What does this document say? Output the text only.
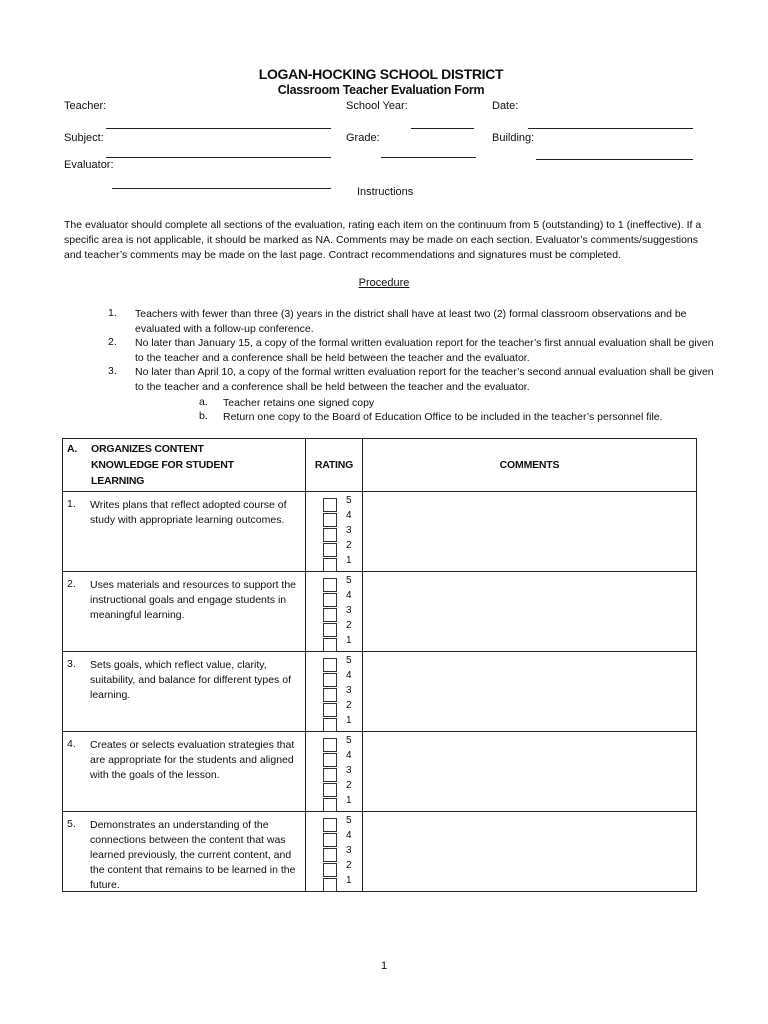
LOGAN-HOCKING SCHOOL DISTRICT
Classroom Teacher Evaluation Form
Teacher:	School Year:	Date:
Subject:	Grade:	Building:
Evaluator:
Instructions
The evaluator should complete all sections of the evaluation, rating each item on the continuum from 5 (outstanding) to 1 (ineffective). If a
specific area is not applicable, it should be marked as NA. Comments may be made on each section. Evaluator’s comments/suggestions
and teacher’s comments may be made on the last page. Contract recommendations and signatures must be completed.
Procedure
1. Teachers with fewer than three (3) years in the district shall have at least two (2) formal classroom observations and be
evaluated with a follow-up conference.
2. No later than January 15, a copy of the formal written evaluation report for the teacher’s first annual evaluation shall be given
to the teacher and a conference shall be held between the teacher and the evaluator.
3. No later than April 10, a copy of the formal written evaluation report for the teacher’s second annual evaluation shall be given
to the teacher and a conference shall be held between the teacher and the evaluator.
a. Teacher retains one signed copy
b. Return one copy to the Board of Education Office to be included in the teacher’s personnel file.
A. ORGANIZES CONTENT
KNOWLEDGE FOR STUDENT
LEARNING	RATING	COMMENTS

1. Writes plans that reflect adopted course of study with appropriate learning outcomes.	5
4
3
2
1	

2. Uses materials and resources to support the instructional goals and engage students in meaningful learning.	5
4
3
2
1	

3. Sets goals, which reflect value, clarity, suitability, and balance for different types of learning.	5
4
3
2
1	

4. Creates or selects evaluation strategies that are appropriate for the students and aligned with the goals of the lesson.	5
4
3
2
1	

5. Demonstrates an understanding of the connections between the content that was learned previously, the current content, and the content that remains to be learned in the future.	5
4
3
2
1	

1
